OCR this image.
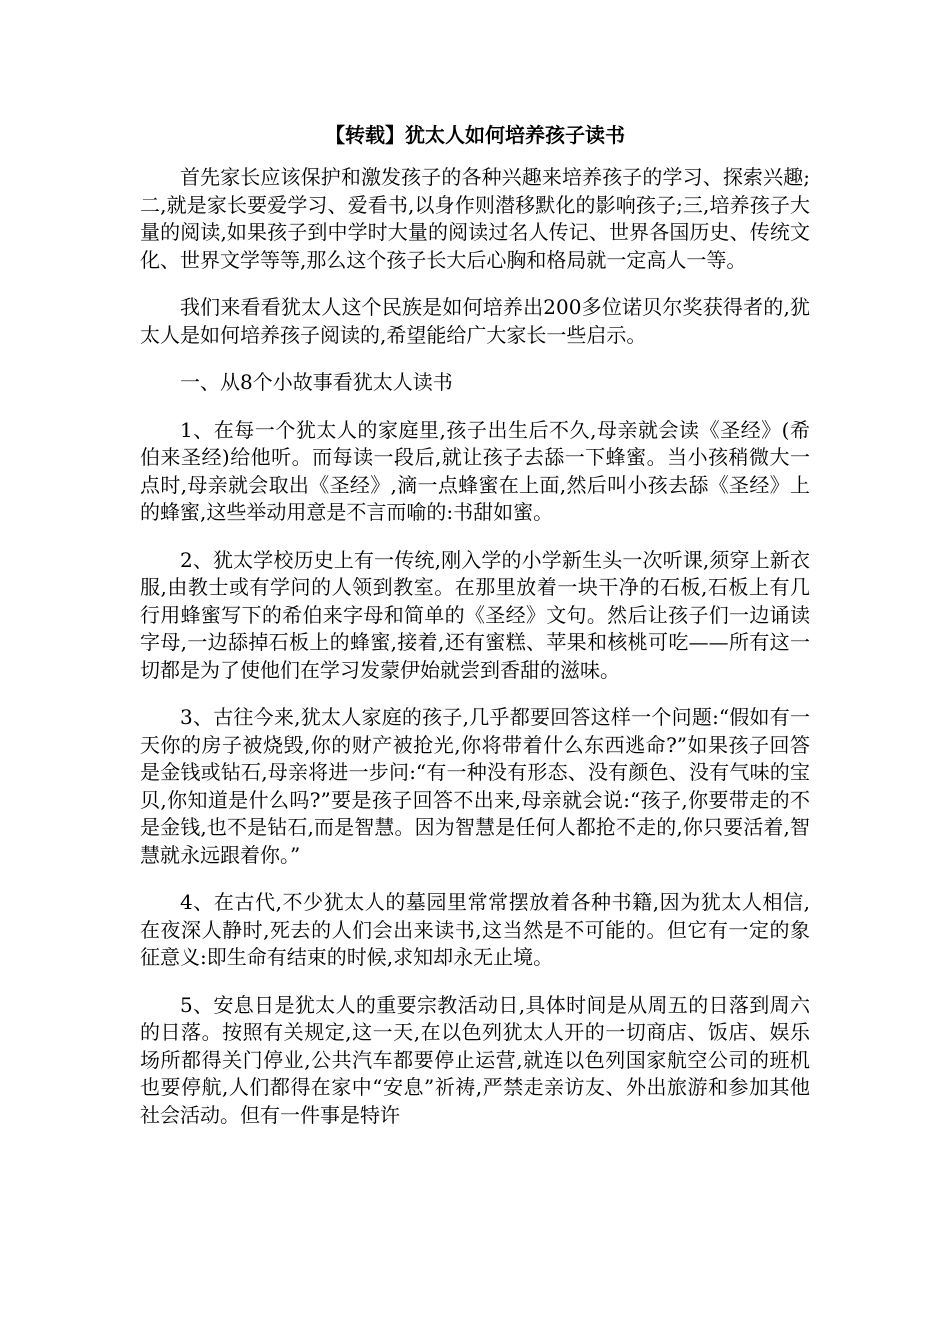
【转载】犹太人如何培养孩子读书

首先家长应该保护和激发孩子的各种兴趣来培养孩子的学习、探索兴趣;二,就是家长要爱学习、爱看书,以身作则潜移默化的影响孩子;三,培养孩子大量的阅读,如果孩子到中学时大量的阅读过名人传记、世界各国历史、传统文化、世界文学等等,那么这个孩子长大后心胸和格局就一定高人一等。

我们来看看犹太人这个民族是如何培养出200多位诺贝尔奖获得者的,犹太人是如何培养孩子阅读的,希望能给广大家长一些启示。

一、从8个小故事看犹太人读书

1、在每一个犹太人的家庭里,孩子出生后不久,母亲就会读《圣经》(希伯来圣经)给他听。而每读一段后,就让孩子去舔一下蜂蜜。当小孩稍微大一点时,母亲就会取出《圣经》,滴一点蜂蜜在上面,然后叫小孩去舔《圣经》上的蜂蜜,这些举动用意是不言而喻的:书甜如蜜。

2、犹太学校历史上有一传统,刚入学的小学新生头一次听课,须穿上新衣服,由教士或有学问的人领到教室。在那里放着一块干净的石板,石板上有几行用蜂蜜写下的希伯来字母和简单的《圣经》文句。然后让孩子们一边诵读字母,一边舔掉石板上的蜂蜜,接着,还有蜜糕、苹果和核桃可吃——所有这一切都是为了使他们在学习发蒙伊始就尝到香甜的滋味。

3、古往今来,犹太人家庭的孩子,几乎都要回答这样一个问题:“假如有一天你的房子被烧毁,你的财产被抢光,你将带着什么东西逃命?”如果孩子回答是金钱或钻石,母亲将进一步问:“有一种没有形态、没有颜色、没有气味的宝贝,你知道是什么吗?”要是孩子回答不出来,母亲就会说:“孩子,你要带走的不是金钱,也不是钻石,而是智慧。因为智慧是任何人都抢不走的,你只要活着,智慧就永远跟着你。”

4、在古代,不少犹太人的墓园里常常摆放着各种书籍,因为犹太人相信,在夜深人静时,死去的人们会出来读书,这当然是不可能的。但它有一定的象征意义:即生命有结束的时候,求知却永无止境。

5、安息日是犹太人的重要宗教活动日,具体时间是从周五的日落到周六的日落。按照有关规定,这一天,在以色列犹太人开的一切商店、饭店、娱乐场所都得关门停业,公共汽车都要停止运营,就连以色列国家航空公司的班机也要停航,人们都得在家中“安息”祈祷,严禁走亲访友、外出旅游和参加其他社会活动。但有一件事是特许
